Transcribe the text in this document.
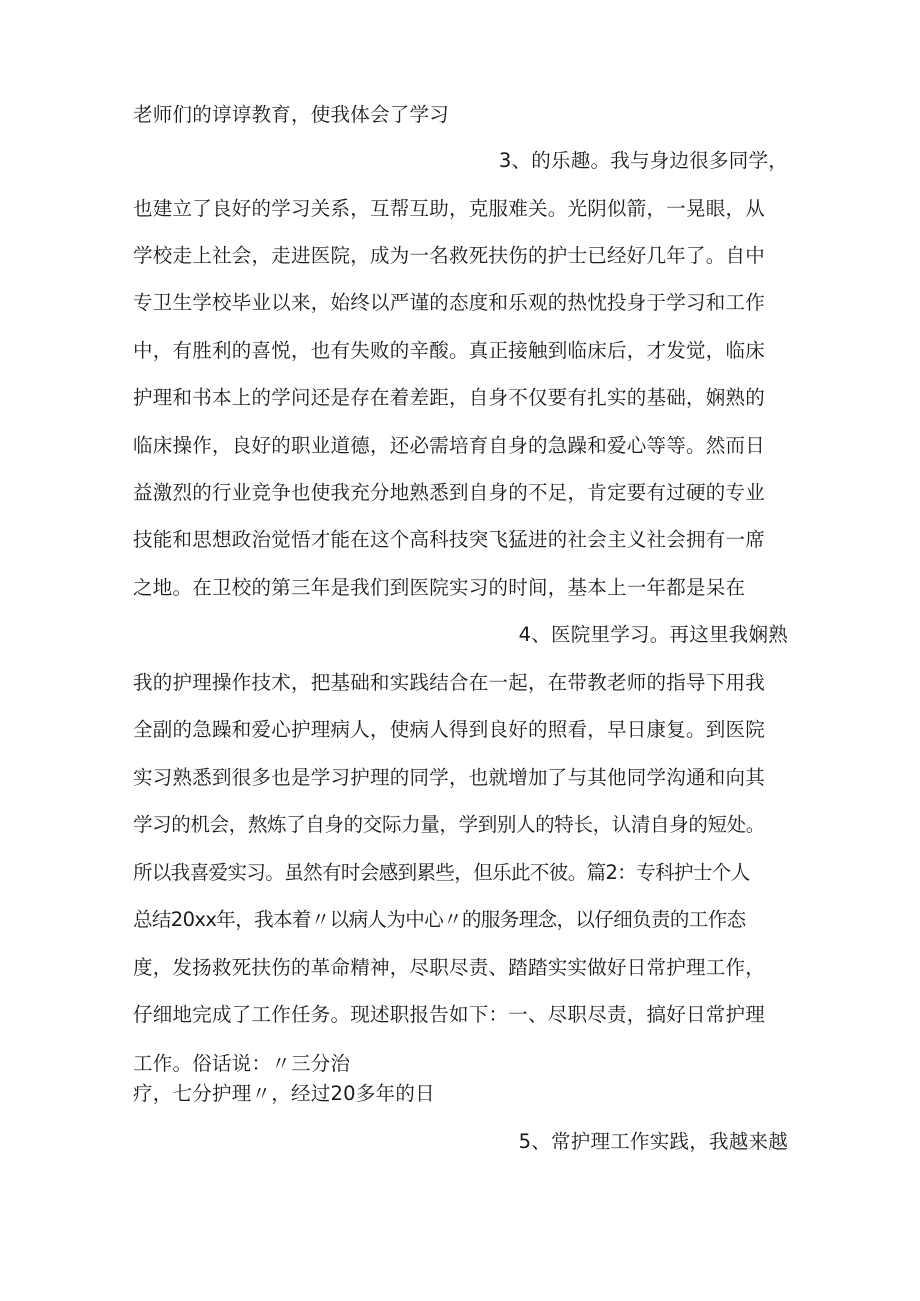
老师们的谆谆教育，使我体会了学习
3、的乐趣。我与身边很多同学，
也建立了良好的学习关系，互帮互助，克服难关。光阴似箭，一晃眼，从
学校走上社会，走进医院，成为一名救死扶伤的护士已经好几年了。自中
专卫生学校毕业以来，始终以严谨的态度和乐观的热忱投身于学习和工作
中，有胜利的喜悦，也有失败的辛酸。真正接触到临床后，才发觉，临床
护理和书本上的学问还是存在着差距，自身不仅要有扎实的基础，娴熟的
临床操作，良好的职业道德，还必需培育自身的急躁和爱心等等。然而日
益激烈的行业竞争也使我充分地熟悉到自身的不足，肯定要有过硬的专业
技能和思想政治觉悟才能在这个高科技突飞猛进的社会主义社会拥有一席
之地。在卫校的第三年是我们到医院实习的时间，基本上一年都是呆在
4、医院里学习。再这里我娴熟
我的护理操作技术，把基础和实践结合在一起，在带教老师的指导下用我
全副的急躁和爱心护理病人，使病人得到良好的照看，早日康复。到医院
实习熟悉到很多也是学习护理的同学，也就增加了与其他同学沟通和向其
学习的机会，熬炼了自身的交际力量，学到别人的特长，认清自身的短处。
所以我喜爱实习。虽然有时会感到累些，但乐此不彼。篇2：专科护士个人
总结20xx年，我本着〃以病人为中心〃的服务理念，以仔细负责的工作态
度，发扬救死扶伤的革命精神，尽职尽责、踏踏实实做好日常护理工作，
仔细地完成了工作任务。现述职报告如下：一、尽职尽责，搞好日常护理
工作。俗话说：〃三分治
疗，七分护理〃，经过20多年的日
5、常护理工作实践，我越来越
